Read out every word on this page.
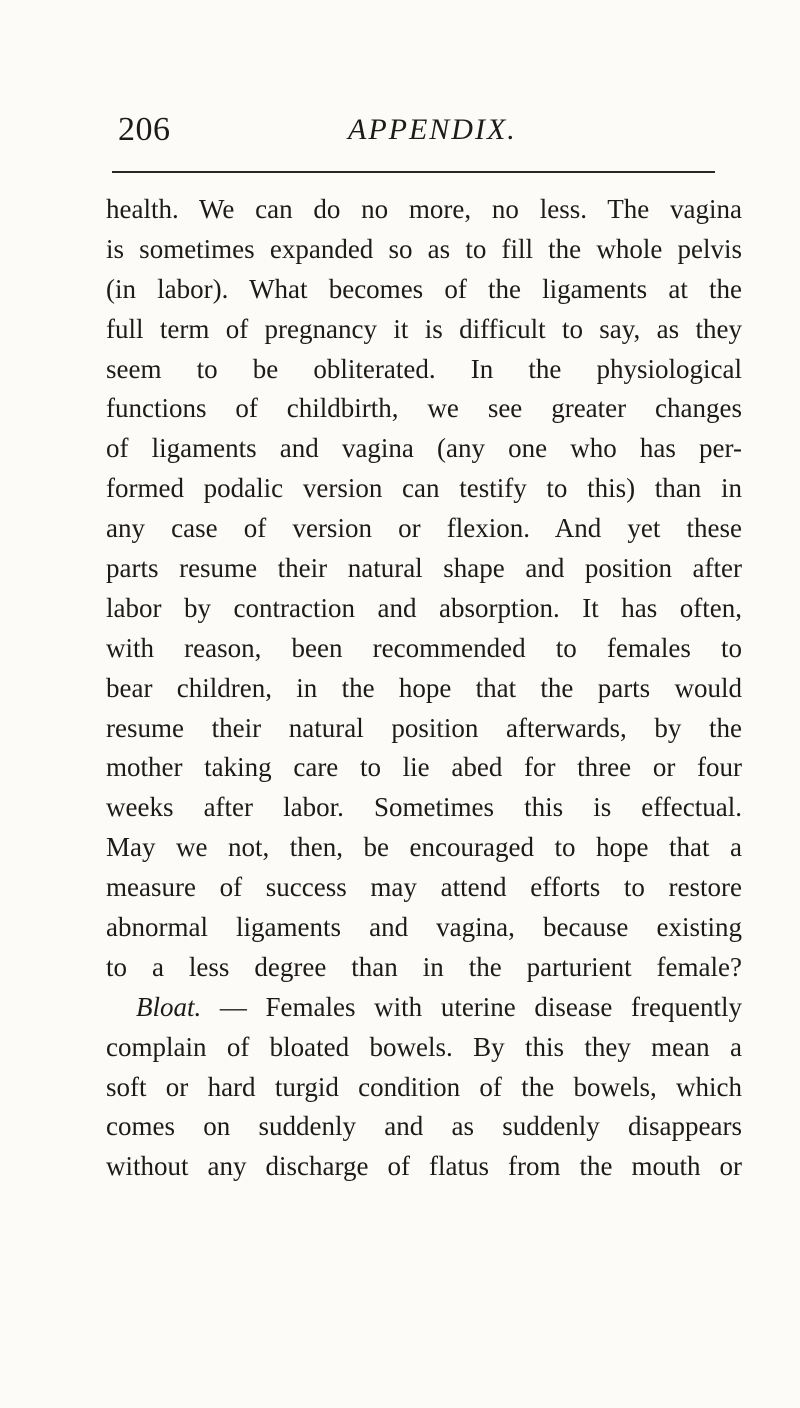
206	APPENDIX.
health. We can do no more, no less. The vagina
is sometimes expanded so as to fill the whole pelvis
(in labor). What becomes of the ligaments at the
full term of pregnancy it is difficult to say, as they
seem to be obliterated. In the physiological
functions of childbirth, we see greater changes
of ligaments and vagina (any one who has per-
formed podalic version can testify to this) than in
any case of version or flexion. And yet these
parts resume their natural shape and position after
labor by contraction and absorption. It has often,
with reason, been recommended to females to
bear children, in the hope that the parts would
resume their natural position afterwards, by the
mother taking care to lie abed for three or four
weeks after labor. Sometimes this is effectual.
May we not, then, be encouraged to hope that a
measure of success may attend efforts to restore
abnormal ligaments and vagina, because existing
to a less degree than in the parturient female?
Bloat. — Females with uterine disease frequently
complain of bloated bowels. By this they mean a
soft or hard turgid condition of the bowels, which
comes on suddenly and as suddenly disappears
without any discharge of flatus from the mouth or
